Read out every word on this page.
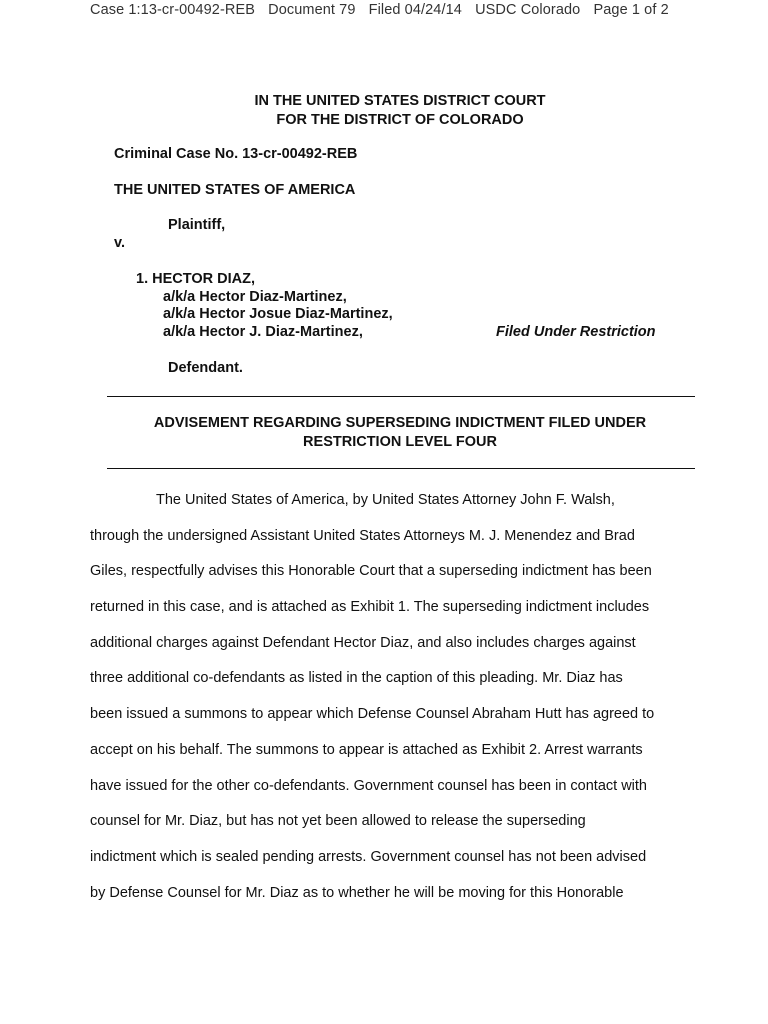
Case 1:13-cr-00492-REB Document 79 Filed 04/24/14 USDC Colorado Page 1 of 2
IN THE UNITED STATES DISTRICT COURT
FOR THE DISTRICT OF COLORADO
Criminal Case No. 13-cr-00492-REB
THE UNITED STATES OF AMERICA
Plaintiff,
v.
1. HECTOR DIAZ,
a/k/a Hector Diaz-Martinez,
a/k/a Hector Josue Diaz-Martinez,
a/k/a Hector J. Diaz-Martinez,	Filed Under Restriction
Defendant.
ADVISEMENT REGARDING SUPERSEDING INDICTMENT FILED UNDER
RESTRICTION LEVEL FOUR
The United States of America, by United States Attorney John F. Walsh,
through the undersigned Assistant United States Attorneys M. J. Menendez and Brad
Giles, respectfully advises this Honorable Court that a superseding indictment has been
returned in this case, and is attached as Exhibit 1. The superseding indictment includes
additional charges against Defendant Hector Diaz, and also includes charges against
three additional co-defendants as listed in the caption of this pleading. Mr. Diaz has
been issued a summons to appear which Defense Counsel Abraham Hutt has agreed to
accept on his behalf. The summons to appear is attached as Exhibit 2. Arrest warrants
have issued for the other co-defendants. Government counsel has been in contact with
counsel for Mr. Diaz, but has not yet been allowed to release the superseding
indictment which is sealed pending arrests. Government counsel has not been advised
by Defense Counsel for Mr. Diaz as to whether he will be moving for this Honorable
